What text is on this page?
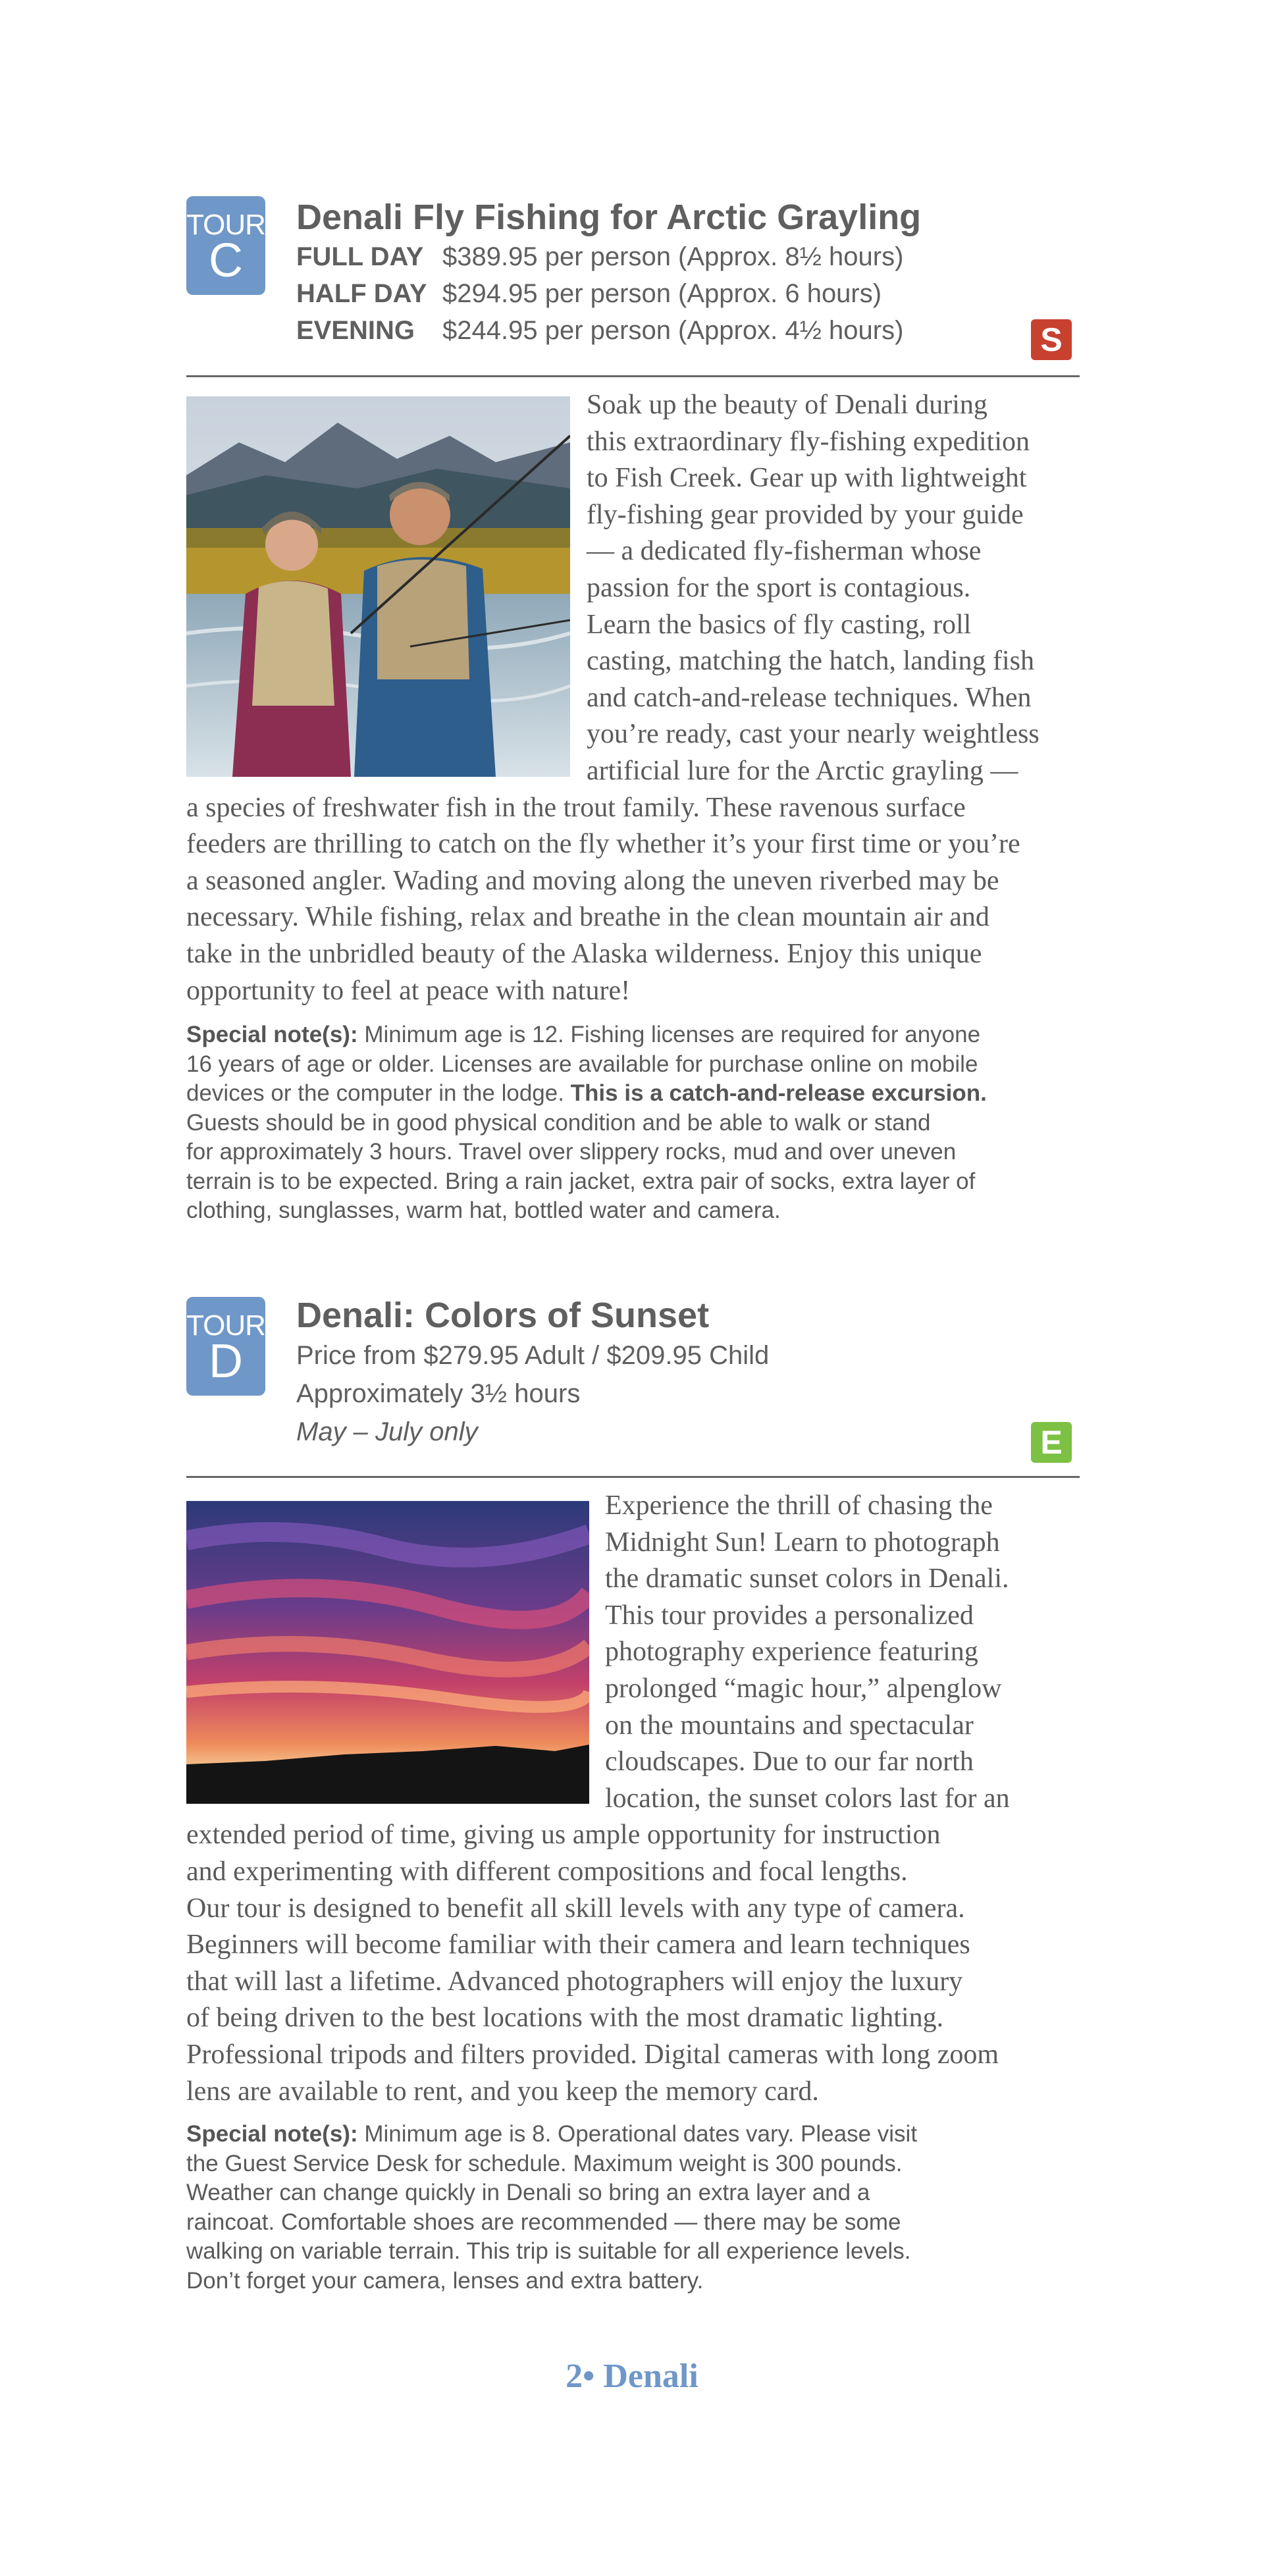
TOUR
C
Denali Fly Fishing for Arctic Grayling
FULL DAY $389.95 per person (Approx. 8½ hours)
HALF DAY $294.95 per person (Approx. 6 hours)
EVENING $244.95 per person (Approx. 4½ hours)	S
Soak up the beauty of Denali during
this extraordinary fly-fishing expedition
to Fish Creek. Gear up with lightweight
fly-fishing gear provided by your guide
— a dedicated fly-fisherman whose
passion for the sport is contagious.
Learn the basics of fly casting, roll
casting, matching the hatch, landing fish
and catch-and-release techniques. When
you’re ready, cast your nearly weightless
artificial lure for the Arctic grayling —
a species of freshwater fish in the trout family. These ravenous surface
feeders are thrilling to catch on the fly whether it’s your first time or you’re
a seasoned angler. Wading and moving along the uneven riverbed may be
necessary. While fishing, relax and breathe in the clean mountain air and
take in the unbridled beauty of the Alaska wilderness. Enjoy this unique
opportunity to feel at peace with nature!
Special note(s): Minimum age is 12. Fishing licenses are required for anyone
16 years of age or older. Licenses are available for purchase online on mobile
devices or the computer in the lodge. This is a catch-and-release excursion.
Guests should be in good physical condition and be able to walk or stand
for approximately 3 hours. Travel over slippery rocks, mud and over uneven
terrain is to be expected. Bring a rain jacket, extra pair of socks, extra layer of
clothing, sunglasses, warm hat, bottled water and camera.
TOUR
D
Denali: Colors of Sunset
Price from $279.95 Adult / $209.95 Child
Approximately 3½ hours
May – July only	E
Experience the thrill of chasing the
Midnight Sun! Learn to photograph
the dramatic sunset colors in Denali.
This tour provides a personalized
photography experience featuring
prolonged “magic hour,” alpenglow
on the mountains and spectacular
cloudscapes. Due to our far north
location, the sunset colors last for an
extended period of time, giving us ample opportunity for instruction
and experimenting with different compositions and focal lengths.
Our tour is designed to benefit all skill levels with any type of camera.
Beginners will become familiar with their camera and learn techniques
that will last a lifetime. Advanced photographers will enjoy the luxury
of being driven to the best locations with the most dramatic lighting.
Professional tripods and filters provided. Digital cameras with long zoom
lens are available to rent, and you keep the memory card.
Special note(s): Minimum age is 8. Operational dates vary. Please visit
the Guest Service Desk for schedule. Maximum weight is 300 pounds.
Weather can change quickly in Denali so bring an extra layer and a
raincoat. Comfortable shoes are recommended — there may be some
walking on variable terrain. This trip is suitable for all experience levels.
Don’t forget your camera, lenses and extra battery.
2• Denali
